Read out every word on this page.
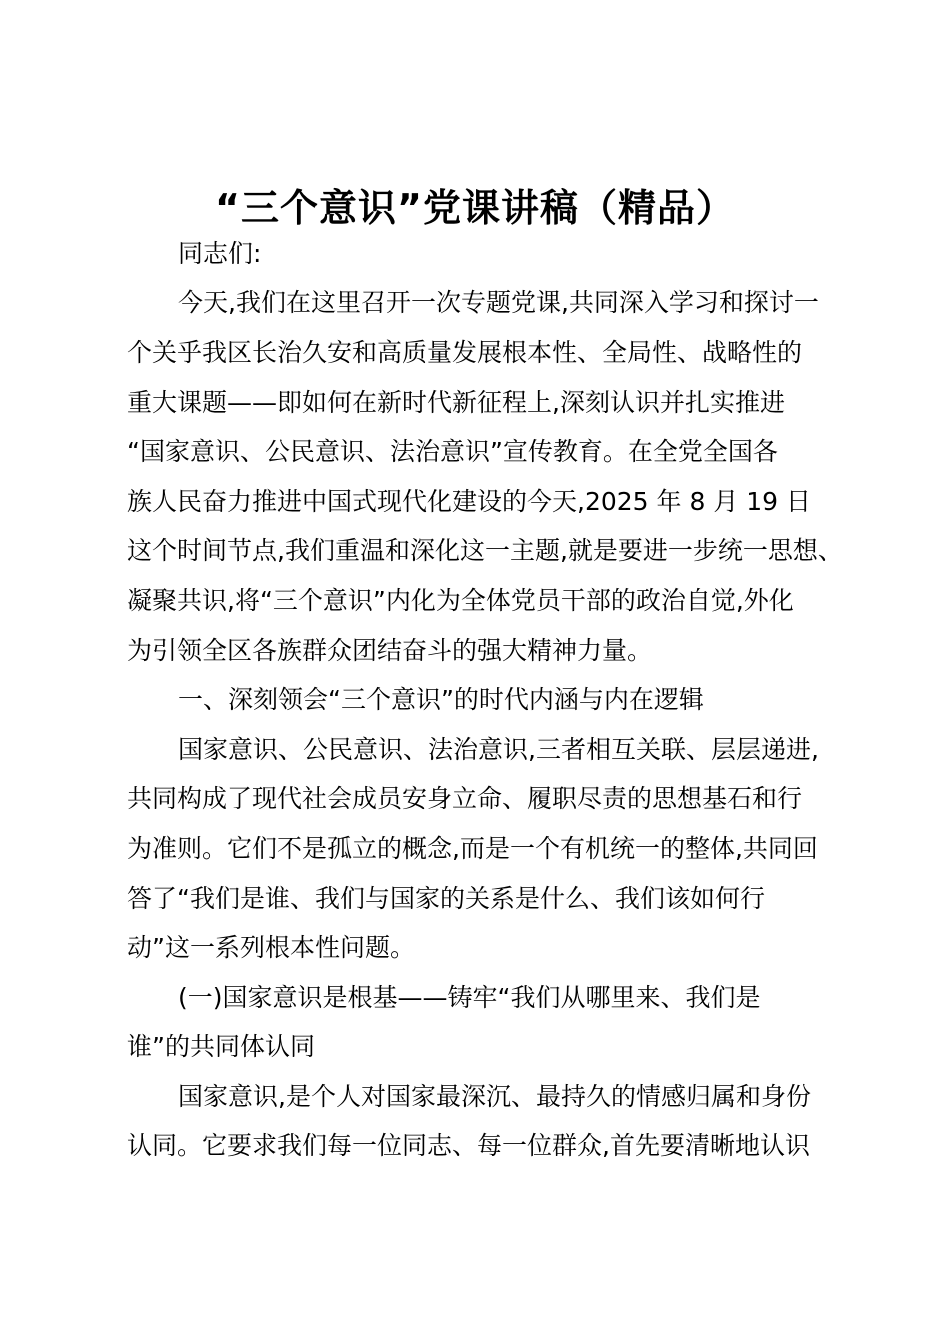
“三个意识”党课讲稿（精品）
同志们:
今天,我们在这里召开一次专题党课,共同深入学习和探讨一
个关乎我区长治久安和高质量发展根本性、全局性、战略性的
重大课题——即如何在新时代新征程上,深刻认识并扎实推进
“国家意识、公民意识、法治意识”宣传教育。在全党全国各
族人民奋力推进中国式现代化建设的今天,2025 年 8 月 19 日
这个时间节点,我们重温和深化这一主题,就是要进一步统一思想、
凝聚共识,将“三个意识”内化为全体党员干部的政治自觉,外化
为引领全区各族群众团结奋斗的强大精神力量。
一、深刻领会“三个意识”的时代内涵与内在逻辑
国家意识、公民意识、法治意识,三者相互关联、层层递进,
共同构成了现代社会成员安身立命、履职尽责的思想基石和行
为准则。它们不是孤立的概念,而是一个有机统一的整体,共同回
答了“我们是谁、我们与国家的关系是什么、我们该如何行
动”这一系列根本性问题。
(一)国家意识是根基——铸牢“我们从哪里来、我们是
谁”的共同体认同
国家意识,是个人对国家最深沉、最持久的情感归属和身份
认同。它要求我们每一位同志、每一位群众,首先要清晰地认识
